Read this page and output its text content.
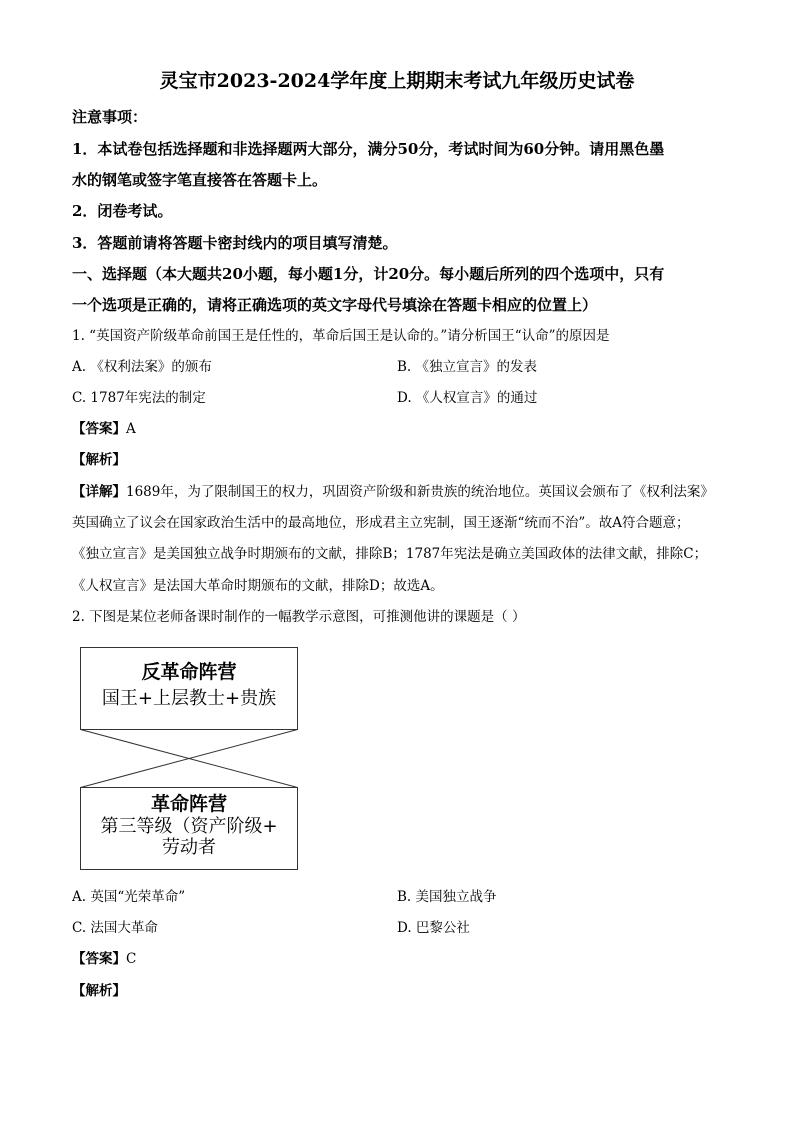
灵宝市2023-2024学年度上期期末考试九年级历史试卷
注意事项：
1．本试卷包括选择题和非选择题两大部分，满分50分，考试时间为60分钟。请用黑色墨
水的钢笔或签字笔直接答在答题卡上。
2．闭卷考试。
3．答题前请将答题卡密封线内的项目填写清楚。
一、选择题（本大题共20小题，每小题1分，计20分。每小题后所列的四个选项中，只有
一个选项是正确的，请将正确选项的英文字母代号填涂在答题卡相应的位置上）
1. “英国资产阶级革命前国王是任性的，革命后国王是认命的。”请分析国王“认命”的原因是
A. 《权利法案》的颁布	B. 《独立宣言》的发表
C. 1787年宪法的制定	D. 《人权宣言》的通过
【答案】A
【解析】
【详解】1689年，为了限制国王的权力，巩固资产阶级和新贵族的统治地位。英国议会颁布了《权利法案》
英国确立了议会在国家政治生活中的最高地位，形成君主立宪制，国王逐渐“统而不治”。故A符合题意；
《独立宣言》是美国独立战争时期颁布的文献，排除B；1787年宪法是确立美国政体的法律文献，排除C；
《人权宣言》是法国大革命时期颁布的文献，排除D；故选A。
2. 下图是某位老师备课时制作的一幅教学示意图，可推测他讲的课题是（ ）
反革命阵营
国王+上层教士+贵族
革命阵营
第三等级（资产阶级+
劳动者
A. 英国“光荣革命”	B. 美国独立战争
C. 法国大革命	D. 巴黎公社
【答案】C
【解析】
